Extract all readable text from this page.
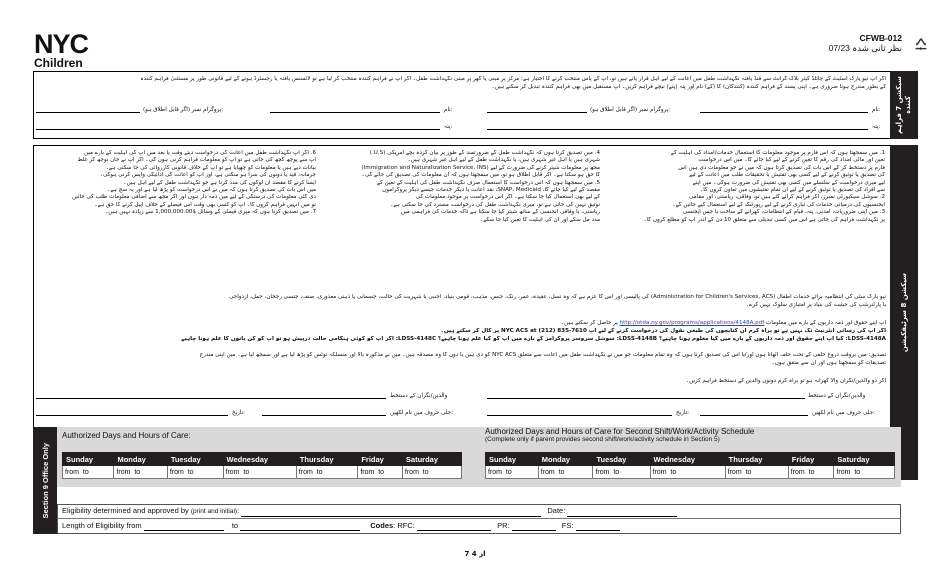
NYC
Children
CFWB-012
نظر ثانی شدہ 07/23
سیکشن 7 فراہم کنندہ
اگر آپ نیو یارک اسٹیٹ کے چائلڈ کیئر بلاک گرانٹ سے فنڈ یافتہ نگہداشت طفل میں اعانت کے لیے اہل قرار پاتے ہیں تو، آپ کے پاس منتخب کرنے کا اختیار ہے: مرکز پر مبنی یا گھر پر مبنی نگہداشت طفل۔ اگر آپ نے فراہم کنندہ منتخب کر لیا ہے تو لائسنس یافتہ یا رجسٹرڈ ہونے کے لیے قانونی طور پر مستثنیٰ فراہم کنندہ
کے بطور مندرج ہونا ضروری ہے۔ اپنی پسند کے فراہم کنندہ (کنندگان) کا (کے) نام اور پتہ (پتے) نیچے فراہم کریں۔ آپ مستقبل میں بھی فراہم کنندہ تبدیل کر سکتے ہیں۔
نام:
پروگرام نمبر (اگر قابل اطلاق ہو):
پتہ:
نام:
پروگرام نمبر (اگر قابل اطلاق ہو):
پتہ:
سیکشن 8 سرٹیفکیشن
1. میں سمجھتا ہوں کہ اس فارم پر موجود معلومات کا استعمال خدمات/امداد کی اہلیت کے
تعین اور مالی امداد کی رقم کا تعین کرنے کے لیے کیا جائے گا۔ میں اس درخواست
فارم پر دستخط کر کے اس بات کی تصدیق کرتا ہوں کہ میں نے جو معلومات دی ہیں اس
کی تصدیق یا توثیق کرنے کے لیے کسی بھی تفتیش یا تحقیقات طلب میں اعانت کے لیے
لیے میری درخواست کے سلسلے میں کسی بھی تفتیش کی ضرورت ہوگی۔ میں اپنے
سے افراد کی تصدیق یا توثیق کرنے کے لیے ان تمام تفتیشوں میں تعاون کروں گا۔
2. سوشل سیکیورٹی نمبرز، اگر فراہم کرائے گئے ہیں تو، وفاقی، ریاستی، اور مقامی
ایجنسیوں کی درمیانی خدمات کی تیاری کرنے کے لیے رپورٹنگ کے لیے استعمال کیے جائیں گے۔
3. میں اپنی ضروریات، آمدنی، پتہ، قیام کے انتظامات، گھرانے کے ساخت یا جس ایجنسی
پر نگہداشت فراہم کی جاتی ہے اس میں کسی تبدیلی سے متعلق 10 دن کے اندر آپ کو مطلع کروں گا۔
4. میں تصدیق کرتا ہوں کہ نگہداشت طفل کے ضرورتمند کے طور پر بیان کردہ بچے امریکی (U.S.)
شہری ہیں یا اہل غیر شہری ہیں، یا نگہداشت طفل کے لیے اہل غیر شہری ہیں۔
مجھ پر معلومات شیئر کرنے کی ضرورت کے لیے (Immigration and Naturalization Service, INS)
کا حق ہو سکتا ہے۔ اگر قابل اطلاق ہو تو، میں سمجھتا ہوں کہ ان معلومات کی تصدیق کی جائے گی۔
5. میں سمجھتا ہوں کہ اس درخواست کا استعمال صرف نگہداشت طفل کی اہلیت کے تعین کے
مقصد کے لیے کیا جائے گا، SNAP، Medicaid، نقد اعانت یا دیگر خدمات جیسے دیگر پروگراموں
کے لیے بھی استعمال کیا جا سکتا ہے۔ اگر اس درخواست پر موجود معلومات کی
توثیق نہیں کی جاتی ہے تو، میری نگہداشت طفل کی درخواست مسترد کی جا سکتی ہے۔
ریاستی، یا وفاقی ایجنسی کے ساتھ شیئر کیا جا سکتا ہے تاکہ خدمات کی فراہمی میں
مدد مل سکے اور ان کی اہلیت کا تعین کیا جا سکے۔
6. اگر آپ نگہداشت طفل میں اعانت کی درخواست دیتے وقت یا بعد میں آپ کی اہلیت کے بارے میں
آپ سے پوچھ گچھ کی جاتی ہے تو آپ کو معلومات فراہم کرنی ہوں گی۔ اگر آپ نے جان بوجھ کر غلط
بیانات دیے ہیں یا معلومات کو چھپایا ہے تو آپ کے خلاف قانونی کارروائی کی جا سکتی ہے۔
جرمانہ، قید یا دونوں کی سزا ہو سکتی ہے، اور آپ کو اعانت کی ادائیگی واپس کرنی ہوگی۔
ایسا کرنے کا مقصد ان لوگوں کی مدد کرنا ہے جو نگہداشت طفل کے لیے اہل ہیں۔
میں اس بات کی تصدیق کرتا ہوں کہ میں نے اس درخواست کو پڑھ لیا ہے اور یہ سچ ہے۔
دی گئی معلومات کی درستگی کے لیے میں ذمہ دار ہوں اور اگر مجھ سے اضافی معلومات طلب کی جائیں
تو میں انہیں فراہم کروں گا۔ آپ کو کسی بھی وقت اس فیصلے کے خلاف اپیل کرنے کا حق ہے۔
7. میں تصدیق کرتا ہوں کہ میری فیملی کے وسائل $1,000,000.00 سے زیادہ نہیں ہیں۔
نیو یارک سٹی کی انتظامیہ برائے خدمات اطفال (Administration for Children's Services, ACS) کی پالیسی اور اس کا عزم ہے کہ وہ نسل، عقیدہ، عمر، رنگ، جنس، مذہب، قومی بنیاد، اجنبی یا شہریت کی حالت، جسمانی یا ذہنی معذوری، صنف، جنسی رجحان، حمل، ازدواجی
یا پارٹنرشپ کی حیثیت کی بنیاد پر امتیازی سلوک نہیں کرے۔
آپ اپنے حقوق اور ذمہ داریوں کے بارے میں معلومات http://otda.ny.gov/programs/applications/4148A.pdf پر حاصل کر سکتے ہیں۔
اگر آپ کی رسائی انٹرنیٹ تک نہیں ہے تو براہ کرم ان کتابچوں کی طبعی نقول کی درخواست کرنے کے لیے آپ NYC ACS at (212) 835-7610 پر کال کر سکتے ہیں۔
LDSS-4148A: کیا آپ اپنے حقوق اور ذمہ داریوں کے بارے میں کیا معلوم ہونا چاہیے؟ LDSS-4148B: سوشل سروسز پروگرامز کے بارے میں آپ کو کیا علم ہونا چاہیے؟ LDSS-4148C: اگر آپ کو کوئی ہنگامی حالت درپیش ہو تو آپ کو کن باتوں کا علم ہونا چاہیے
تصدیق: میں بروقت دروغ حلفی کے تحت حلف اٹھاتا ہوں اور/یا اس کی تصدیق کرتا ہوں کہ وہ تمام معلومات جو میں نے نگہداشت طفل میں اعانت سے متعلق NYC ACS کو دی ہیں یا دوں گا وہ مصدقہ ہیں۔ میں نے مذکورہ بالا اور منسلکہ نوٹس کو پڑھ لیا ہے اور سمجھ لیا ہے۔ میں اپنی مندرج
تصدیقات کو سمجھتا ہوں اور ان سے متفق ہوں۔
اگر دو والدین/نگران والا گھرانہ ہو تو براہ کرم دونوں والدین کے دستخط فراہم کریں۔
والدین/نگران کے دستخط
والدین/نگران کے دستخط
جلی حروف میں نام لکھیں:
تاریخ:
جلی حروف میں نام لکھیں:
تاریخ:
Section 9 Office Only
Authorized Days and Hours of Care:	Authorized Days and Hours of Care for Second Shift/Work/Activity Schedule
(Complete only if parent provides second shift/work/activity schedule in Section 5)
Sunday	Monday	Tuesday	Wednesday	Thursday	Friday	Saturday
from to	from to	from to	from to	from to	from to	from to
Sunday	Monday	Tuesday	Wednesday	Thursday	Friday	Saturday
from to	from to	from to	from to	from to	from to	from to
Eligibility determined and approved by (print and initial):	Date:
Length of Eligibility from	to	Codes: RFC:	PR:	FS:
7 از 4
